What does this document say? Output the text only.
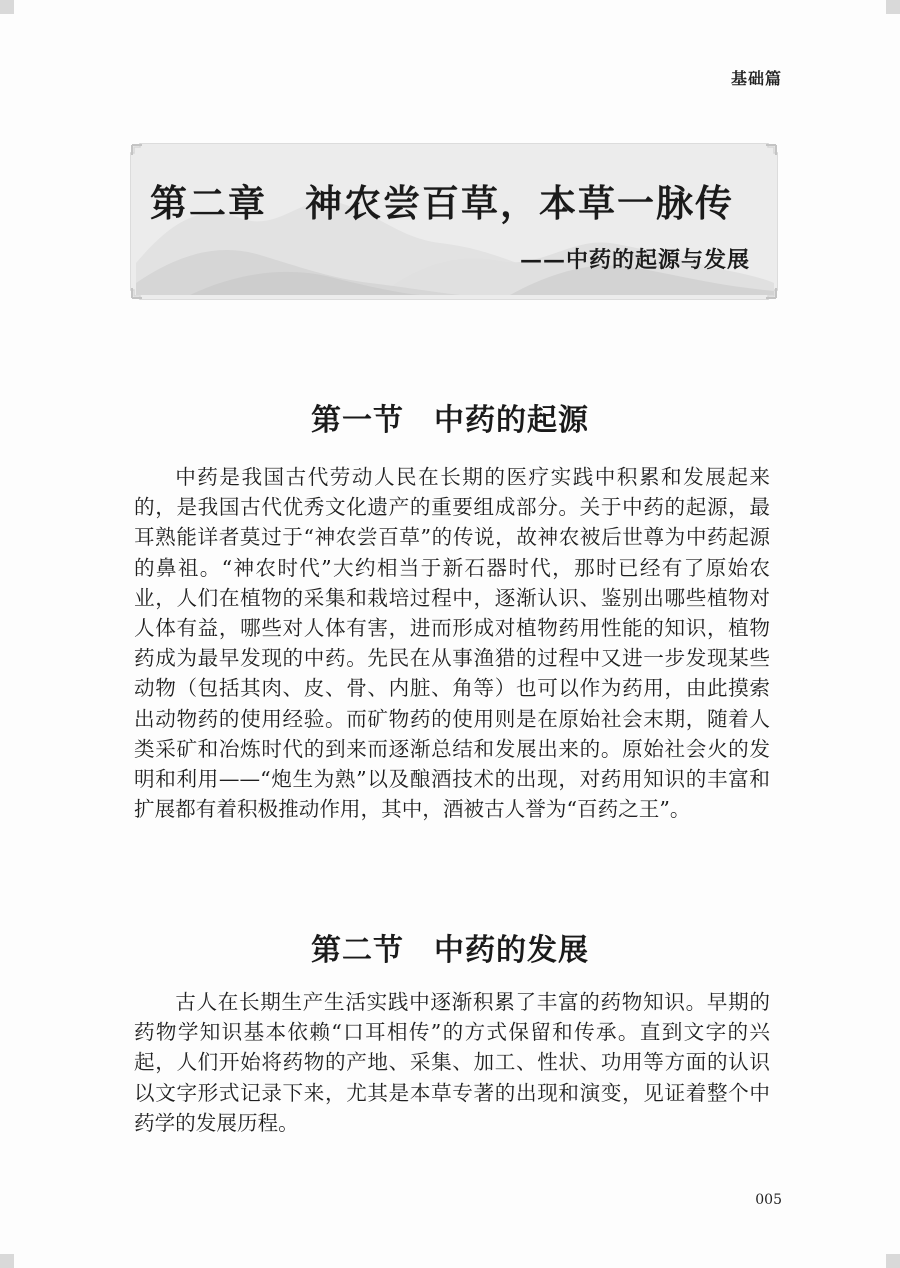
基础篇
第二章 神农尝百草，本草一脉传
——中药的起源与发展
第一节 中药的起源

中药是我国古代劳动人民在长期的医疗实践中积累和发展起来的，是我国古代优秀文化遗产的重要组成部分。关于中药的起源，最耳熟能详者莫过于“神农尝百草”的传说，故神农被后世尊为中药起源的鼻祖。“神农时代”大约相当于新石器时代，那时已经有了原始农业，人们在植物的采集和栽培过程中，逐渐认识、鉴别出哪些植物对人体有益，哪些对人体有害，进而形成对植物药用性能的知识，植物药成为最早发现的中药。先民在从事渔猎的过程中又进一步发现某些动物（包括其肉、皮、骨、内脏、角等）也可以作为药用，由此摸索出动物药的使用经验。而矿物药的使用则是在原始社会末期，随着人类采矿和冶炼时代的到来而逐渐总结和发展出来的。原始社会火的发明和利用——“炮生为熟”以及酿酒技术的出现，对药用知识的丰富和扩展都有着积极推动作用，其中，酒被古人誉为“百药之王”。

第二节 中药的发展

古人在长期生产生活实践中逐渐积累了丰富的药物知识。早期的药物学知识基本依赖“口耳相传”的方式保留和传承。直到文字的兴起，人们开始将药物的产地、采集、加工、性状、功用等方面的认识以文字形式记录下来，尤其是本草专著的出现和演变，见证着整个中药学的发展历程。

005
